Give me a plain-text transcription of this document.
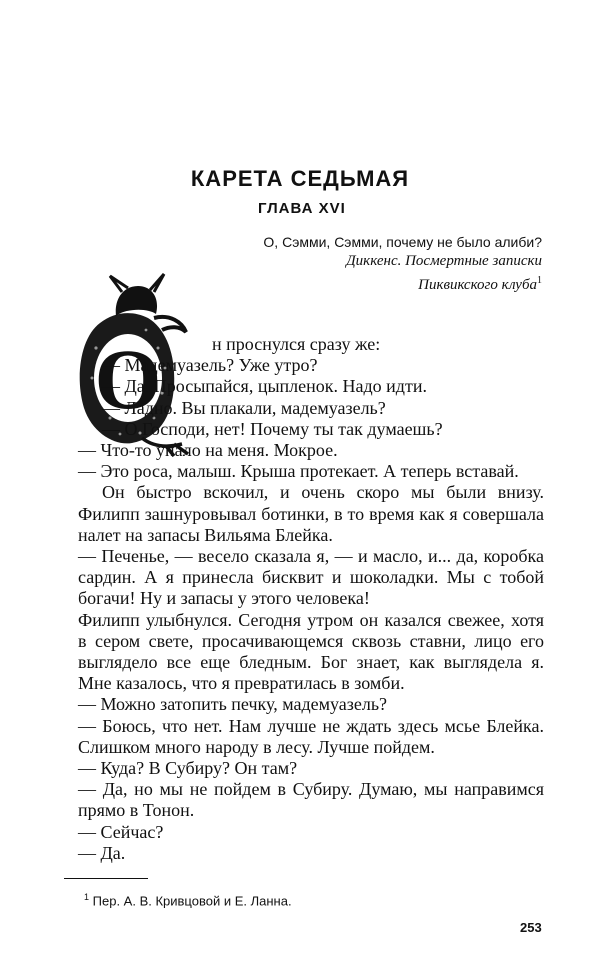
КАРЕТА СЕДЬМАЯ
ГЛАВА XVI
О, Сэмми, Сэмми, почему не было алиби?
Диккенс. Посмертные записки
Пиквикского клуба$^1$
О	н проснулся сразу же:

— Мадемуазель? Уже утро?

— Да. Просыпайся, цыпленок. Надо идти.

— Ладно. Вы плакали, мадемуазель?

— О Господи, нет! Почему ты так думаешь?

— Что-то упало на меня. Мокрое.

— Это роса, малыш. Крыша протекает. А теперь вставай.

Он быстро вскочил, и очень скоро мы были внизу. Филипп зашнуровывал ботинки, в то время как я совершала налет на запасы Вильяма Блейка.

— Печенье, — весело сказала я, — и масло, и... да, коробка сардин. А я принесла бисквит и шоколадки. Мы с тобой богачи! Ну и запасы у этого человека!

Филипп улыбнулся. Сегодня утром он казался свежее, хотя в сером свете, просачивающемся сквозь ставни, лицо его выглядело все еще бледным. Бог знает, как выглядела я. Мне казалось, что я превратилась в зомби.

— Можно затопить печку, мадемуазель?

— Боюсь, что нет. Нам лучше не ждать здесь мсье Блейка. Слишком много народу в лесу. Лучше пойдем.

— Куда? В Субиру? Он там?

— Да, но мы не пойдем в Субиру. Думаю, мы направимся прямо в Тонон.

— Сейчас?

— Да.

$^1$ Пер. А. В. Кривцовой и Е. Ланна.

253
